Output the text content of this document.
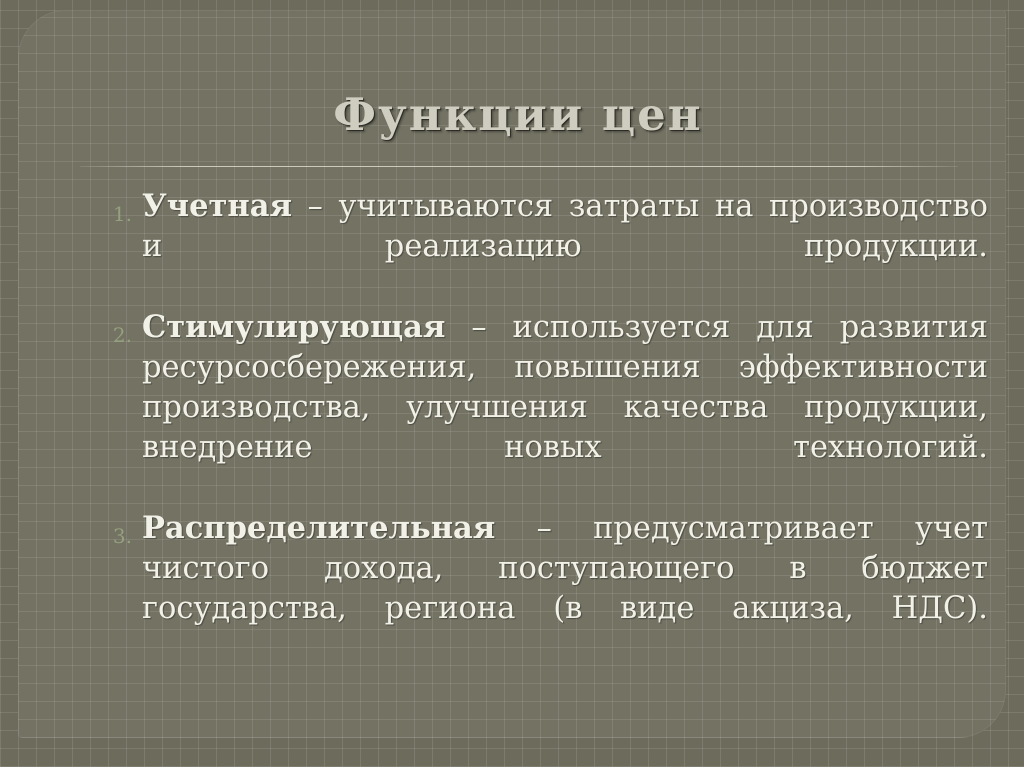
Функции цен
1. Учетная – учитываются затраты на производство и реализацию продукции.
2. Стимулирующая – используется для развития ресурсосбережения, повышения эффективности производства, улучшения качества продукции, внедрение новых технологий.
3. Распределительная – предусматривает учет чистого дохода, поступающего в бюджет государства, региона (в виде акциза, НДС).
